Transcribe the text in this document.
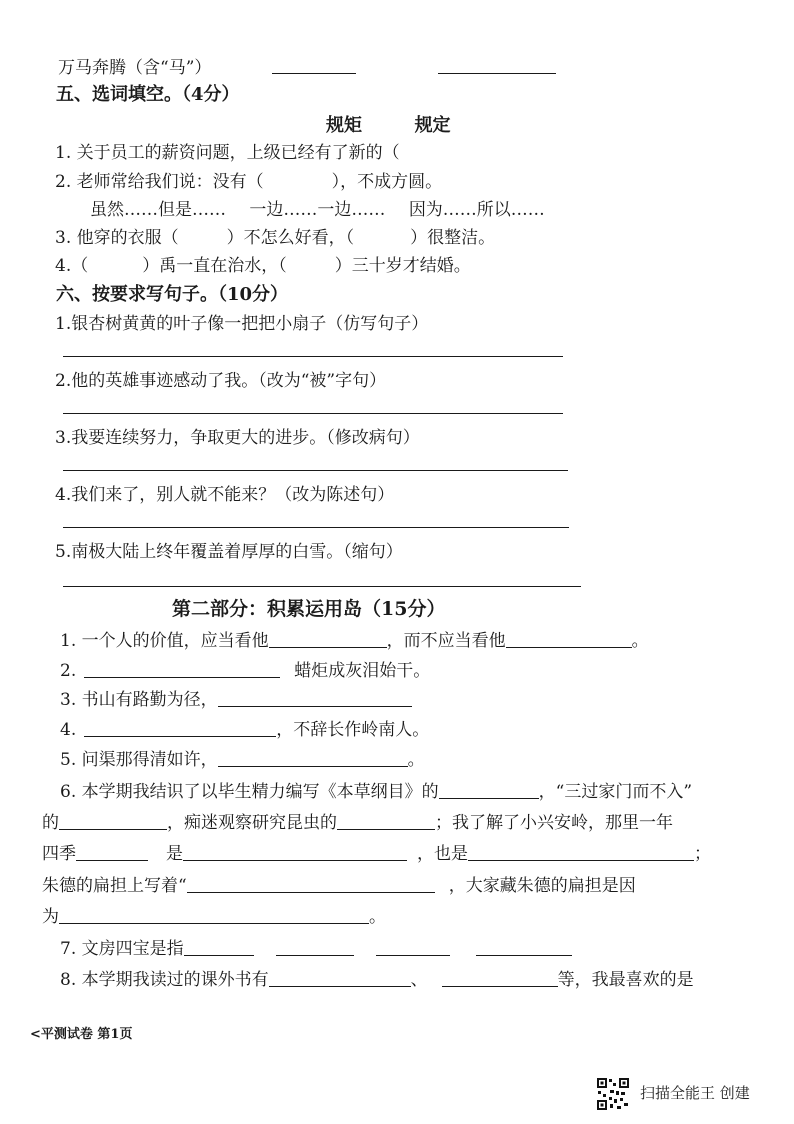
万马奔腾（含“马”）
五、选词填空。（4分）
规矩	规定
1. 关于员工的薪资问题，上级已经有了新的（
2. 老师常给我们说：没有（	），不成方圆。
虽然……但是…… 一边……一边…… 因为……所以……
3. 他穿的衣服（	）不怎么好看，（	）很整洁。
4.（	）禹一直在治水，（	）三十岁才结婚。
六、按要求写句子。（10分）
1.银杏树黄黄的叶子像一把把小扇子（仿写句子）
2.他的英雄事迹感动了我。（改为“被”字句）
3.我要连续努力，争取更大的进步。（修改病句）
4.我们来了，别人就不能来？（改为陈述句）
5.南极大陆上终年覆盖着厚厚的白雪。（缩句）
第二部分：积累运用岛（15分）
1. 一个人的价值，应当看他	，而不应当看他	。
2.	蜡炬成灰泪始干。
3. 书山有路勤为径，
4.	，不辞长作岭南人。
5. 问渠那得清如许，	。
6. 本学期我结识了以毕生精力编写《本草纲目》的	，“三过家门而不入”
的	，痴迷观察研究昆虫的	；我了解了小兴安岭，那里一年
四季	是	，也是	；
朱德的扁担上写着“	，大家藏朱德的扁担是因
为	。
7. 文房四宝是指
8. 本学期我读过的课外书有	、	等，我最喜欢的是
<平测试卷 第1页
扫描全能王 创建
